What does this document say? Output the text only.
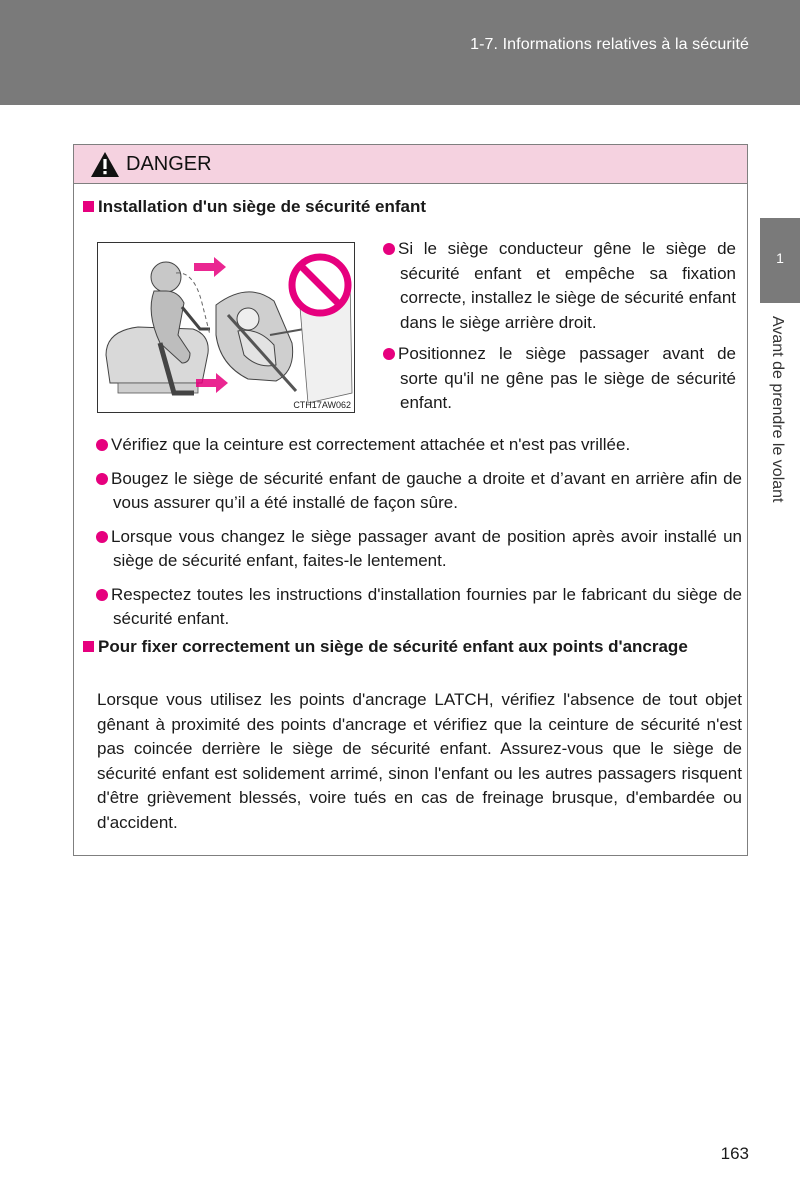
1-7. Informations relatives à la sécurité
1
Avant de prendre le volant
DANGER
Installation d'un siège de sécurité enfant
CTH17AW062

Si le siège conducteur gêne le siège de sécurité enfant et empêche sa fixation correcte, installez le siège de sécurité enfant dans le siège arrière droit.

Positionnez le siège passager avant de sorte qu'il ne gêne pas le siège de sécurité enfant.

Vérifiez que la ceinture est correctement attachée et n'est pas vrillée.

Bougez le siège de sécurité enfant de gauche a droite et d’avant en arrière afin de vous assurer qu’il a été installé de façon sûre.

Lorsque vous changez le siège passager avant de position après avoir installé un siège de sécurité enfant, faites-le lentement.

Respectez toutes les instructions d'installation fournies par le fabricant du siège de sécurité enfant.

Pour fixer correctement un siège de sécurité enfant aux points d'ancrage
Lorsque vous utilisez les points d'ancrage LATCH, vérifiez l'absence de tout objet gênant à proximité des points d'ancrage et vérifiez que la ceinture de sécurité n'est pas coincée derrière le siège de sécurité enfant. Assurez-vous que le siège de sécurité enfant est solidement arrimé, sinon l'enfant ou les autres passagers risquent d'être grièvement blessés, voire tués en cas de freinage brusque, d'embardée ou d'accident.
163
